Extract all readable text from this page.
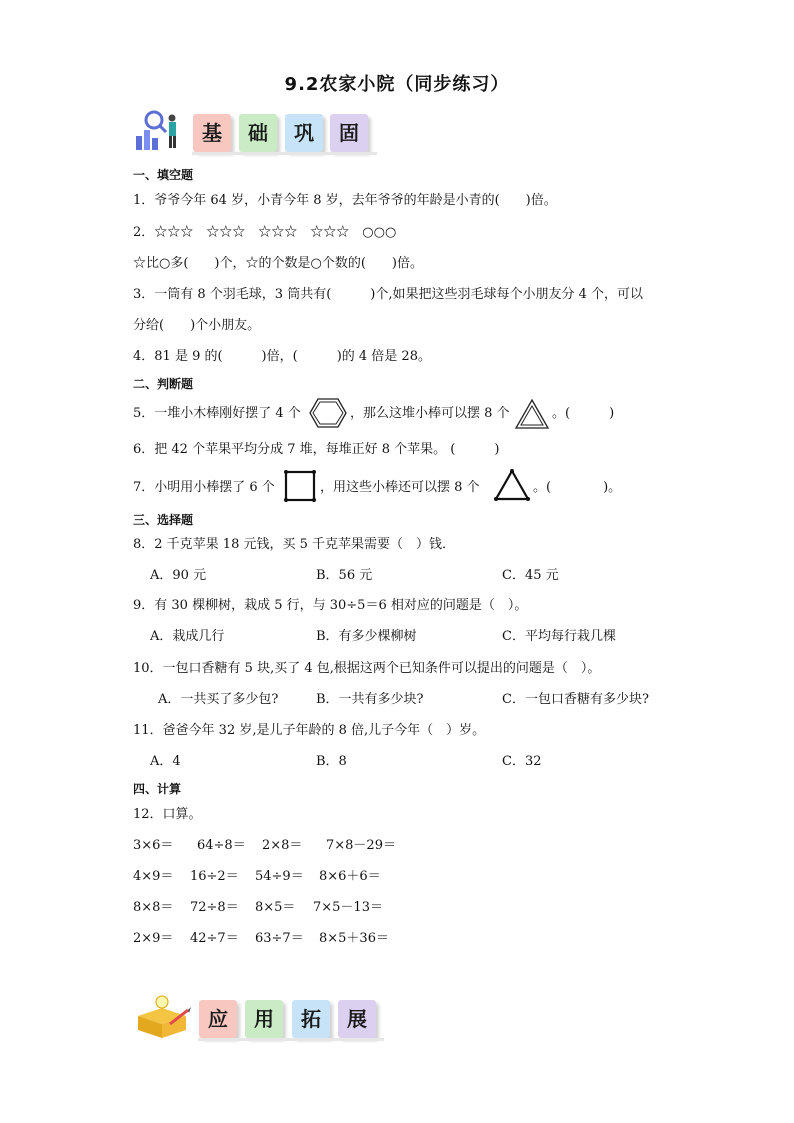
9.2农家小院（同步练习）
基	础	巩	固
一、填空题
1．爷爷今年 64 岁，小青今年 8 岁，去年爷爷的年龄是小青的(　　)倍。
2．☆☆☆　☆☆☆　☆☆☆　☆☆☆　○○○
☆比○多(　　)个，☆的个数是○个数的(　　)倍。
3．一筒有 8 个羽毛球，3 筒共有(　　　)个,如果把这些羽毛球每个小朋友分 4 个，可以
分给(　　)个小朋友。
4．81 是 9 的(　　　)倍，(　　　)的 4 倍是 28。
二、判断题
5．一堆小木棒刚好摆了 4 个	，那么这堆小棒可以摆 8 个	。(　　　)
6．把 42 个苹果平均分成 7 堆，每堆正好 8 个苹果。 (　　　)
7．小明用小棒摆了 6 个	，用这些小棒还可以摆 8 个	。(　　　　)。
三、选择题
8．2 千克苹果 18 元钱，买 5 千克苹果需要（　）钱．
A．90 元	B．56 元	C．45 元
9．有 30 棵柳树，栽成 5 行，与 30÷5＝6 相对应的问题是（　）。
A．栽成几行	B．有多少棵柳树	C．平均每行栽几棵
10．一包口香糖有 5 块,买了 4 包,根据这两个已知条件可以提出的问题是（　）。
A．一共买了多少包?	B．一共有多少块?	C．一包口香糖有多少块?
11．爸爸今年 32 岁,是儿子年龄的 8 倍,儿子今年（　）岁。
A．4	B．8	C．32
四、计算
12．口算。
3×6＝ 64÷8＝ 2×8＝ 7×8－29＝
4×9＝ 16÷2＝ 54÷9＝ 8×6＋6＝
8×8＝ 72÷8＝ 8×5＝ 7×5－13＝
2×9＝ 42÷7＝ 63÷7＝ 8×5＋36＝
应	用	拓	展
